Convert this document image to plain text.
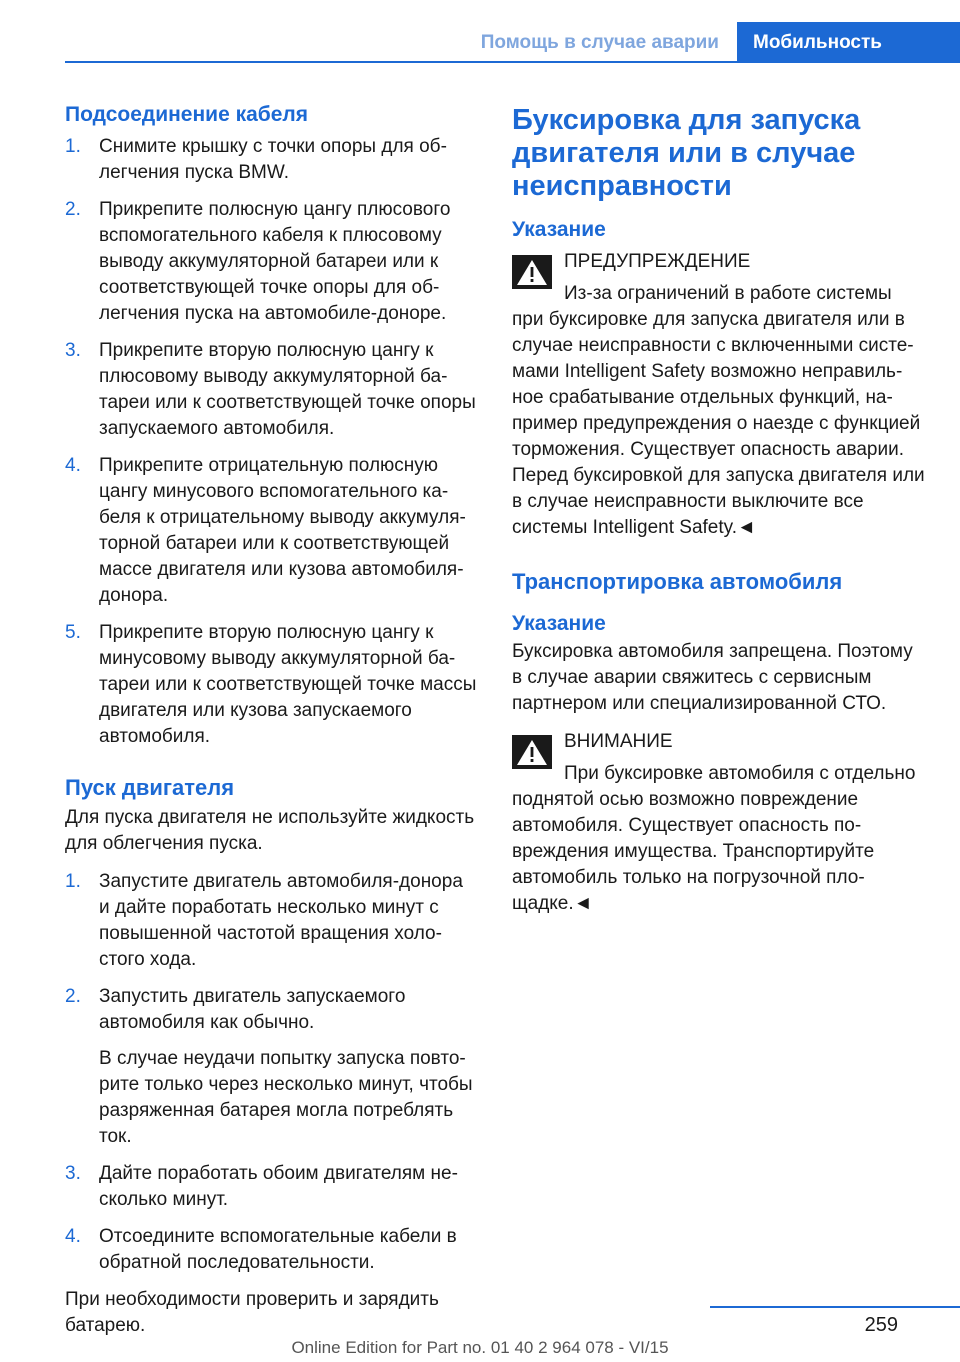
Помощь в случае аварии	Мобильность
Подсоединение кабеля
1. Снимите крышку с точки опоры для облегчения пуска BMW.
2. Прикрепите полюсную цангу плюсового вспомогательного кабеля к плюсовому выводу аккумуляторной батареи или к соответствующей точке опоры для облегчения пуска на автомобиле-доноре.
3. Прикрепите вторую полюсную цангу к плюсовому выводу аккумуляторной батареи или к соответствующей точке опоры запускаемого автомобиля.
4. Прикрепите отрицательную полюсную цангу минусового вспомогательного кабеля к отрицательному выводу аккумуляторной батареи или к соответствующей массе двигателя или кузова автомобиля-донора.
5. Прикрепите вторую полюсную цангу к минусовому выводу аккумуляторной батареи или к соответствующей точке массы двигателя или кузова запускаемого автомобиля.
Пуск двигателя

Для пуска двигателя не используйте жидкость для облегчения пуска.

1. Запустите двигатель автомобиля-донора и дайте поработать несколько минут с повышенной частотой вращения холостого хода.
2. Запустить двигатель запускаемого автомобиля как обычно.
В случае неудачи попытку запуска повторите только через несколько минут, чтобы разряженная батарея могла потреблять ток.
3. Дайте поработать обоим двигателям несколько минут.
4. Отсоедините вспомогательные кабели в обратной последовательности.

При необходимости проверить и зарядить батарею.

Буксировка для запуска двигателя или в случае неисправности
Указание
ПРЕДУПРЕЖДЕНИЕ
Из-за ограничений в работе системы при буксировке для запуска двигателя или в случае неисправности с включенными системами Intelligent Safety возможно неправильное срабатывание отдельных функций, например предупреждения о наезде с функцией торможения. Существует опасность аварии. Перед буксировкой для запуска двигателя или в случае неисправности выключите все системы Intelligent Safety.◄
Транспортировка автомобиля
Указание

Буксировка автомобиля запрещена. Поэтому в случае аварии свяжитесь с сервисным партнером или специализированной СТО.

ВНИМАНИЕ
При буксировке автомобиля с отдельно поднятой осью возможно повреждение автомобиля. Существует опасность повреждения имущества. Транспортируйте автомобиль только на погрузочной площадке.◄
259
Online Edition for Part no. 01 40 2 964 078 - VI/15
